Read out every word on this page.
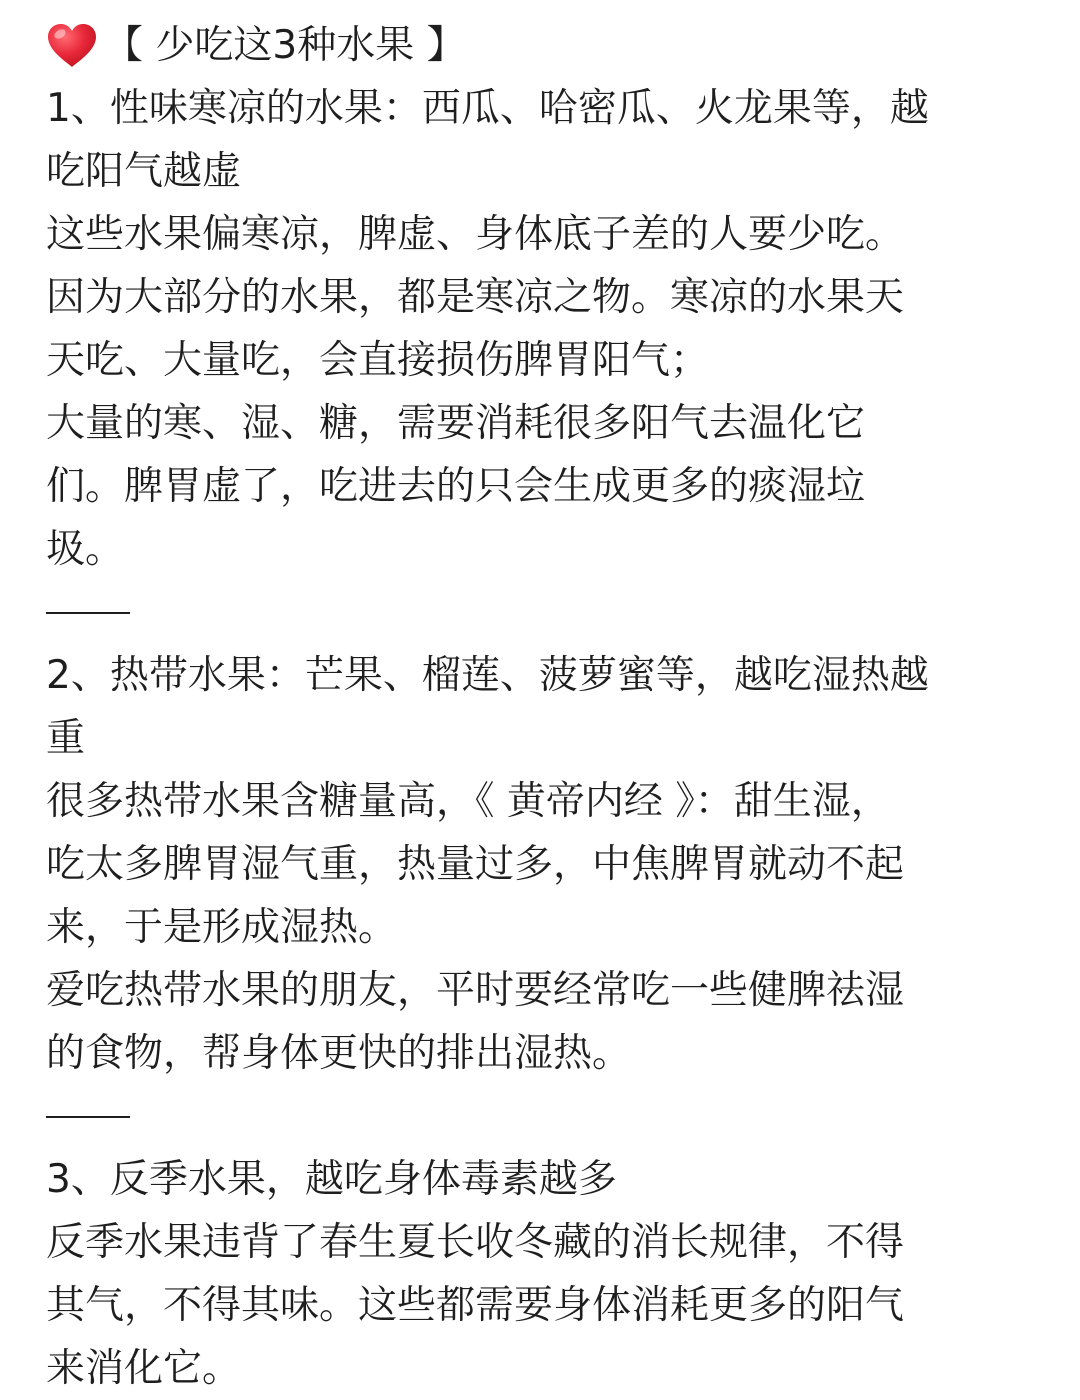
【 少吃这3种水果 】
1、性味寒凉的水果：西瓜、哈密瓜、火龙果等，越
吃阳气越虚
这些水果偏寒凉，脾虚、身体底子差的人要少吃。
因为大部分的水果，都是寒凉之物。寒凉的水果天
天吃、大量吃，会直接损伤脾胃阳气；
大量的寒、湿、糖，需要消耗很多阳气去温化它
们。脾胃虚了，吃进去的只会生成更多的痰湿垃
圾。
2、热带水果：芒果、榴莲、菠萝蜜等，越吃湿热越
重
很多热带水果含糖量高，《 黄帝内经 》：甜生湿，
吃太多脾胃湿气重，热量过多，中焦脾胃就动不起
来，于是形成湿热。
爱吃热带水果的朋友，平时要经常吃一些健脾祛湿
的食物，帮身体更快的排出湿热。
3、反季水果，越吃身体毒素越多
反季水果违背了春生夏长收冬藏的消长规律，不得
其气，不得其味。这些都需要身体消耗更多的阳气
来消化它。
